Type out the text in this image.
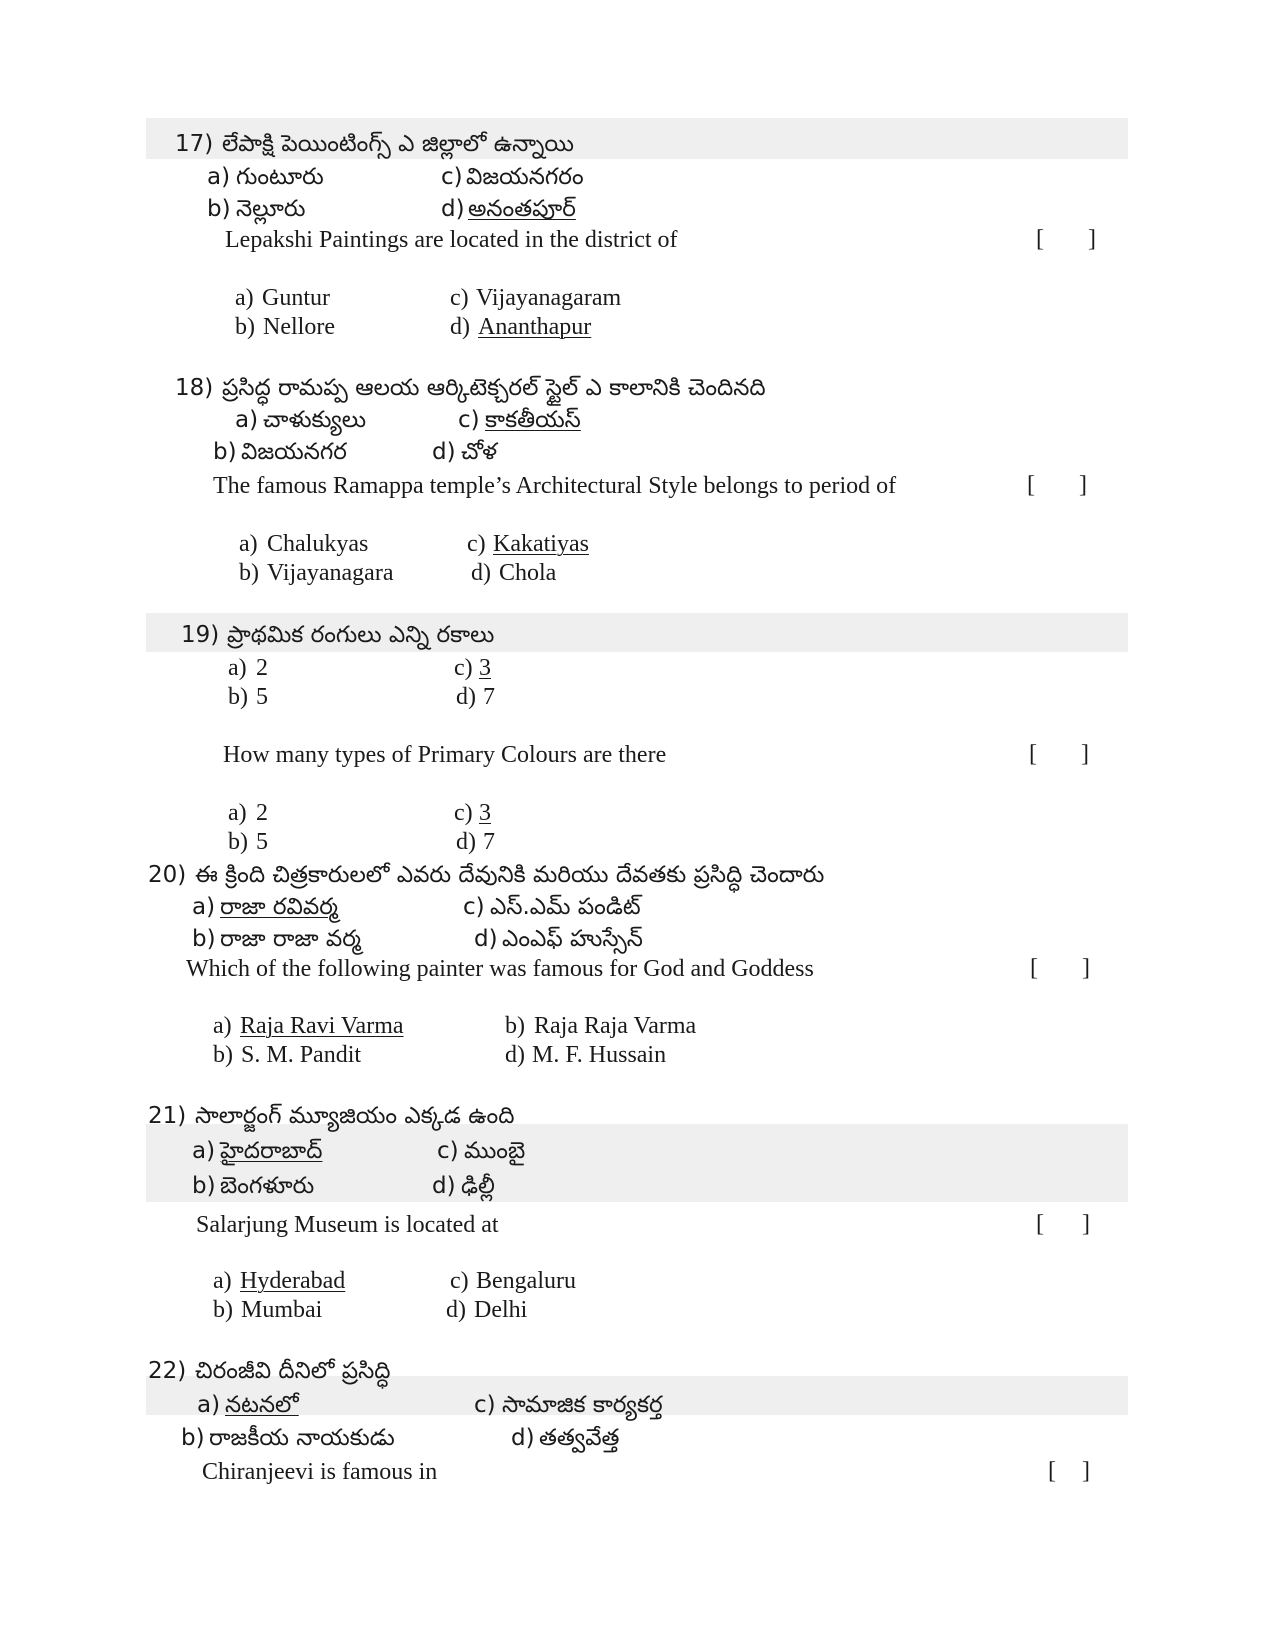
17) లేపాక్షి పెయింటింగ్స్ ఎ జిల్లాలో ఉన్నాయి
a) గుంటూరు	c) విజయనగరం
b) నెల్లూరు	d) అనంతపూర్
Lepakshi Paintings are located in the district of	[ ]
a) Guntur	c) Vijayanagaram
b) Nellore	d) Ananthapur
18) ప్రసిద్ధ రామప్ప ఆలయ ఆర్కిటెక్చరల్ స్టైల్ ఎ కాలానికి చెందినది
a) చాళుక్యులు	c) కాకతీయస్
b) విజయనగర	d) చోళ
The famous Ramappa temple’s Architectural Style belongs to period of	[ ]
a) Chalukyas	c) Kakatiyas
b) Vijayanagara	d) Chola
19) ప్రాథమిక రంగులు ఎన్ని రకాలు
a) 2	c) 3
b) 5	d) 7
How many types of Primary Colours are there	[ ]
a) 2	c) 3
b) 5	d) 7
20) ఈ క్రింది చిత్రకారులలో ఎవరు దేవునికి మరియు దేవతకు ప్రసిద్ధి చెందారు
a) రాజా రవివర్మ	c) ఎస్.ఎమ్ పండిట్
b) రాజా రాజా వర్మ	d) ఎంఎఫ్ హుస్సేన్
Which of the following painter was famous for God and Goddess	[ ]
a) Raja Ravi Varma	b) Raja Raja Varma
b) S. M. Pandit	d) M. F. Hussain
21) సాలార్జంగ్ మ్యూజియం ఎక్కడ ఉంది
a) హైదరాబాద్	c) ముంబై
b) బెంగళూరు	d) ఢిల్లీ
Salarjung Museum is located at	[ ]
a) Hyderabad	c) Bengaluru
b) Mumbai	d) Delhi
22) చిరంజీవి దీనిలో ప్రసిద్ధి
a) నటనలో	c) సామాజిక కార్యకర్త
b) రాజకీయ నాయకుడు	d) తత్వవేత్త
Chiranjeevi is famous in	[ ]
